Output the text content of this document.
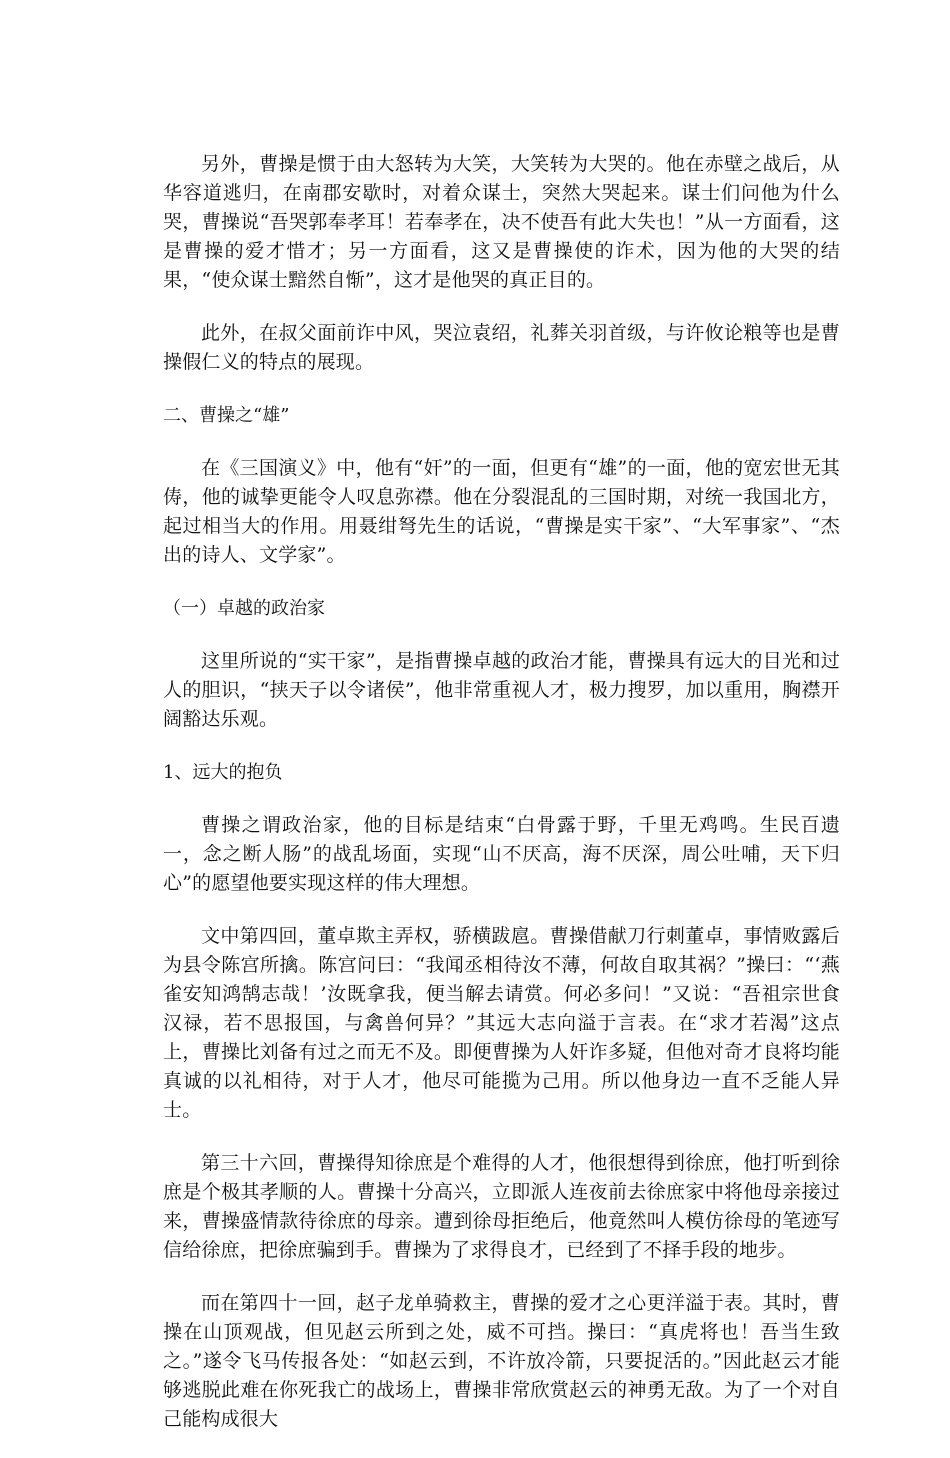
另外，曹操是惯于由大怒转为大笑，大笑转为大哭的。他在赤壁之战后，从华容道逃归，在南郡安歇时，对着众谋士，突然大哭起来。谋士们问他为什么哭，曹操说“吾哭郭奉孝耳！若奉孝在，决不使吾有此大失也！”从一方面看，这是曹操的爱才惜才；另一方面看，这又是曹操使的诈术，因为他的大哭的结果，“使众谋士黯然自惭”，这才是他哭的真正目的。

此外，在叔父面前诈中风，哭泣袁绍，礼葬关羽首级，与许攸论粮等也是曹操假仁义的特点的展现。

二、曹操之“雄”

在《三国演义》中，他有“奸”的一面，但更有“雄”的一面，他的宽宏世无其俦，他的诚挚更能令人叹息弥襟。他在分裂混乱的三国时期，对统一我国北方，起过相当大的作用。用聂绀弩先生的话说，“曹操是实干家”、“大军事家”、“杰出的诗人、文学家”。

（一）卓越的政治家

这里所说的“实干家”，是指曹操卓越的政治才能，曹操具有远大的目光和过人的胆识，“挟天子以令诸侯”，他非常重视人才，极力搜罗，加以重用，胸襟开阔豁达乐观。

1、远大的抱负

曹操之谓政治家，他的目标是结束“白骨露于野，千里无鸡鸣。生民百遗一，念之断人肠”的战乱场面，实现“山不厌高，海不厌深，周公吐哺，天下归心”的愿望他要实现这样的伟大理想。

文中第四回，董卓欺主弄权，骄横跋扈。曹操借献刀行刺董卓，事情败露后为县令陈宫所擒。陈宫问曰：“我闻丞相待汝不薄，何故自取其祸？”操曰：“‘燕雀安知鸿鹄志哉！’汝既拿我，便当解去请赏。何必多问！”又说：“吾祖宗世食汉禄，若不思报国，与禽兽何异？”其远大志向溢于言表。在“求才若渴”这点上，曹操比刘备有过之而无不及。即便曹操为人奸诈多疑，但他对奇才良将均能真诚的以礼相待，对于人才，他尽可能揽为己用。所以他身边一直不乏能人异士。

第三十六回，曹操得知徐庶是个难得的人才，他很想得到徐庶，他打听到徐庶是个极其孝顺的人。曹操十分高兴，立即派人连夜前去徐庶家中将他母亲接过来，曹操盛情款待徐庶的母亲。遭到徐母拒绝后，他竟然叫人模仿徐母的笔迹写信给徐庶，把徐庶骗到手。曹操为了求得良才，已经到了不择手段的地步。

而在第四十一回，赵子龙单骑救主，曹操的爱才之心更洋溢于表。其时，曹操在山顶观战，但见赵云所到之处，威不可挡。操曰：“真虎将也！吾当生致之。”遂令飞马传报各处：“如赵云到，不许放冷箭，只要捉活的。”因此赵云才能够逃脱此难在你死我亡的战场上，曹操非常欣赏赵云的神勇无敌。为了一个对自己能构成很大
